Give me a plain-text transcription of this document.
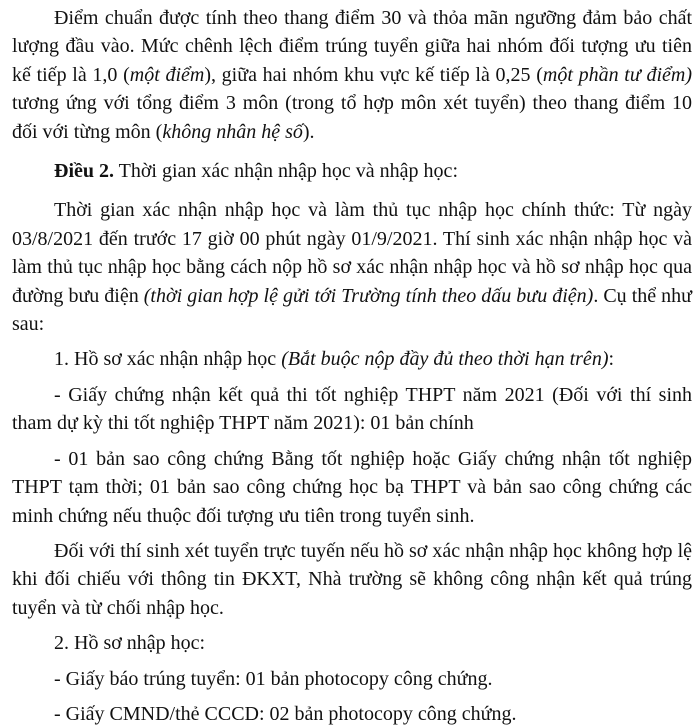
Điểm chuẩn được tính theo thang điểm 30 và thỏa mãn ngưỡng đảm bảo chất lượng đầu vào. Mức chênh lệch điểm trúng tuyển giữa hai nhóm đối tượng ưu tiên kế tiếp là 1,0 (một điểm), giữa hai nhóm khu vực kế tiếp là 0,25 (một phần tư điểm) tương ứng với tổng điểm 3 môn (trong tổ hợp môn xét tuyển) theo thang điểm 10 đối với từng môn (không nhân hệ số).

Điều 2. Thời gian xác nhận nhập học và nhập học:

Thời gian xác nhận nhập học và làm thủ tục nhập học chính thức: Từ ngày 03/8/2021 đến trước 17 giờ 00 phút ngày 01/9/2021. Thí sinh xác nhận nhập học và làm thủ tục nhập học bằng cách nộp hồ sơ xác nhận nhập học và hồ sơ nhập học qua đường bưu điện (thời gian hợp lệ gửi tới Trường tính theo dấu bưu điện). Cụ thể như sau:

1. Hồ sơ xác nhận nhập học (Bắt buộc nộp đầy đủ theo thời hạn trên):

- Giấy chứng nhận kết quả thi tốt nghiệp THPT năm 2021 (Đối với thí sinh tham dự kỳ thi tốt nghiệp THPT năm 2021): 01 bản chính

- 01 bản sao công chứng Bằng tốt nghiệp hoặc Giấy chứng nhận tốt nghiệp THPT tạm thời; 01 bản sao công chứng học bạ THPT và bản sao công chứng các minh chứng nếu thuộc đối tượng ưu tiên trong tuyển sinh.

Đối với thí sinh xét tuyển trực tuyến nếu hồ sơ xác nhận nhập học không hợp lệ khi đối chiếu với thông tin ĐKXT, Nhà trường sẽ không công nhận kết quả trúng tuyển và từ chối nhập học.

2. Hồ sơ nhập học:

- Giấy báo trúng tuyển: 01 bản photocopy công chứng.

- Giấy CMND/thẻ CCCD: 02 bản photocopy công chứng.
